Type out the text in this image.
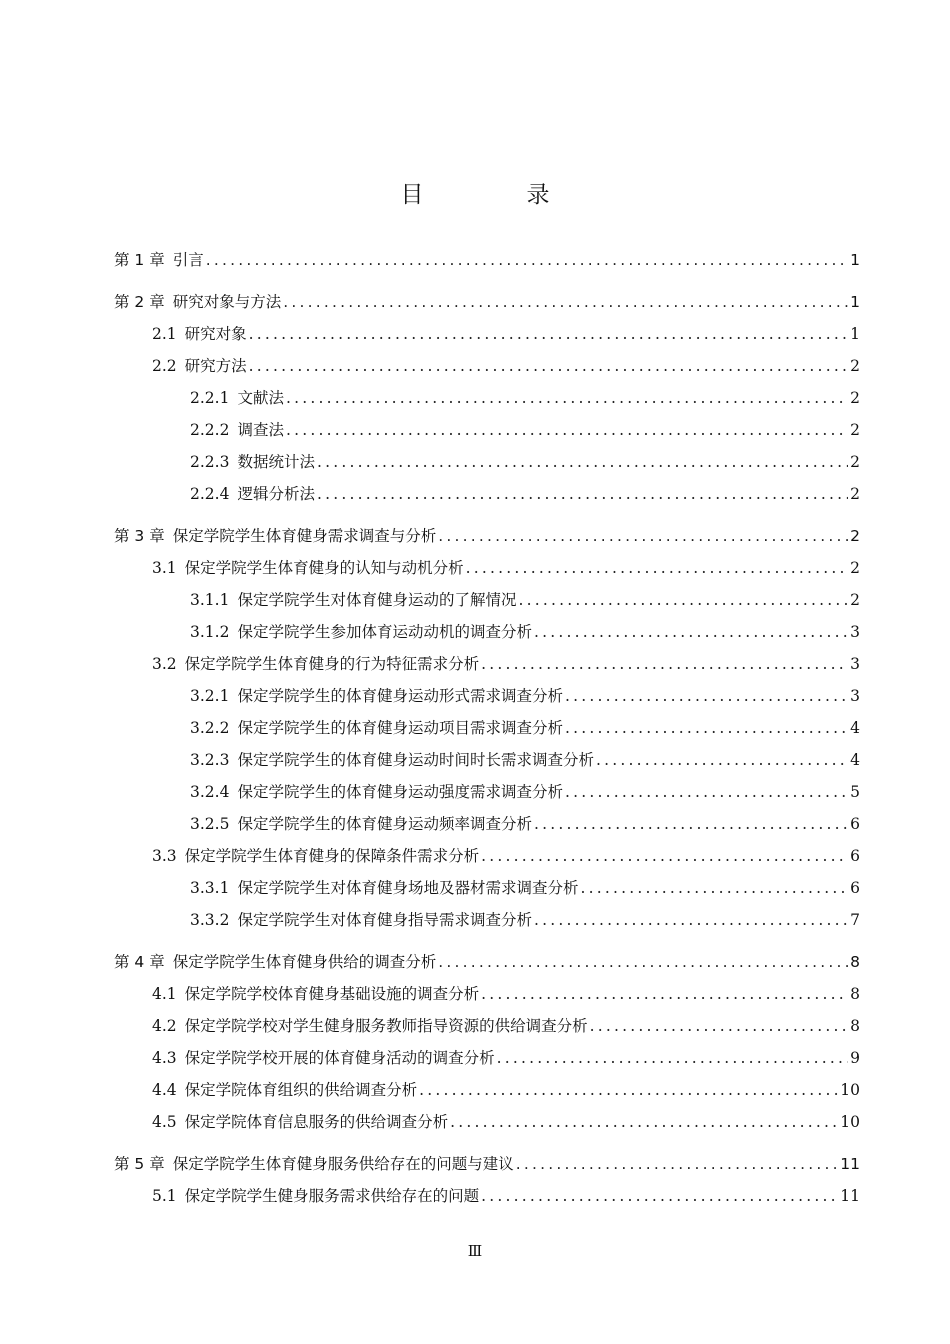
目　录
第 1 章 引言 .....	1
第 2 章 研究对象与方法 .....	1
2.1 研究对象 .....	1
2.2 研究方法 .....	2
2.2.1 文献法 .....	2
2.2.2 调查法 .....	2
2.2.3 数据统计法 .....	2
2.2.4 逻辑分析法 .....	2
第 3 章 保定学院学生体育健身需求调查与分析 .....	2
3.1 保定学院学生体育健身的认知与动机分析 .....	2
3.1.1 保定学院学生对体育健身运动的了解情况 .....	2
3.1.2 保定学院学生参加体育运动动机的调查分析 .....	3
3.2 保定学院学生体育健身的行为特征需求分析 .....	3
3.2.1 保定学院学生的体育健身运动形式需求调查分析 .....	3
3.2.2 保定学院学生的体育健身运动项目需求调查分析 .....	4
3.2.3 保定学院学生的体育健身运动时间时长需求调查分析 .....	4
3.2.4 保定学院学生的体育健身运动强度需求调查分析 .....	5
3.2.5 保定学院学生的体育健身运动频率调查分析 .....	6
3.3 保定学院学生体育健身的保障条件需求分析 .....	6
3.3.1 保定学院学生对体育健身场地及器材需求调查分析 .....	6
3.3.2 保定学院学生对体育健身指导需求调查分析 .....	7
第 4 章 保定学院学生体育健身供给的调查分析 .....	8
4.1 保定学院学校体育健身基础设施的调查分析 .....	8
4.2 保定学院学校对学生健身服务教师指导资源的供给调查分析 .....	8
4.3 保定学院学校开展的体育健身活动的调查分析 .....	9
4.4 保定学院体育组织的供给调查分析 .....	10
4.5 保定学院体育信息服务的供给调查分析 .....	10
第 5 章 保定学院学生体育健身服务供给存在的问题与建议 .....	11
5.1 保定学院学生健身服务需求供给存在的问题 .....	11
Ⅲ
